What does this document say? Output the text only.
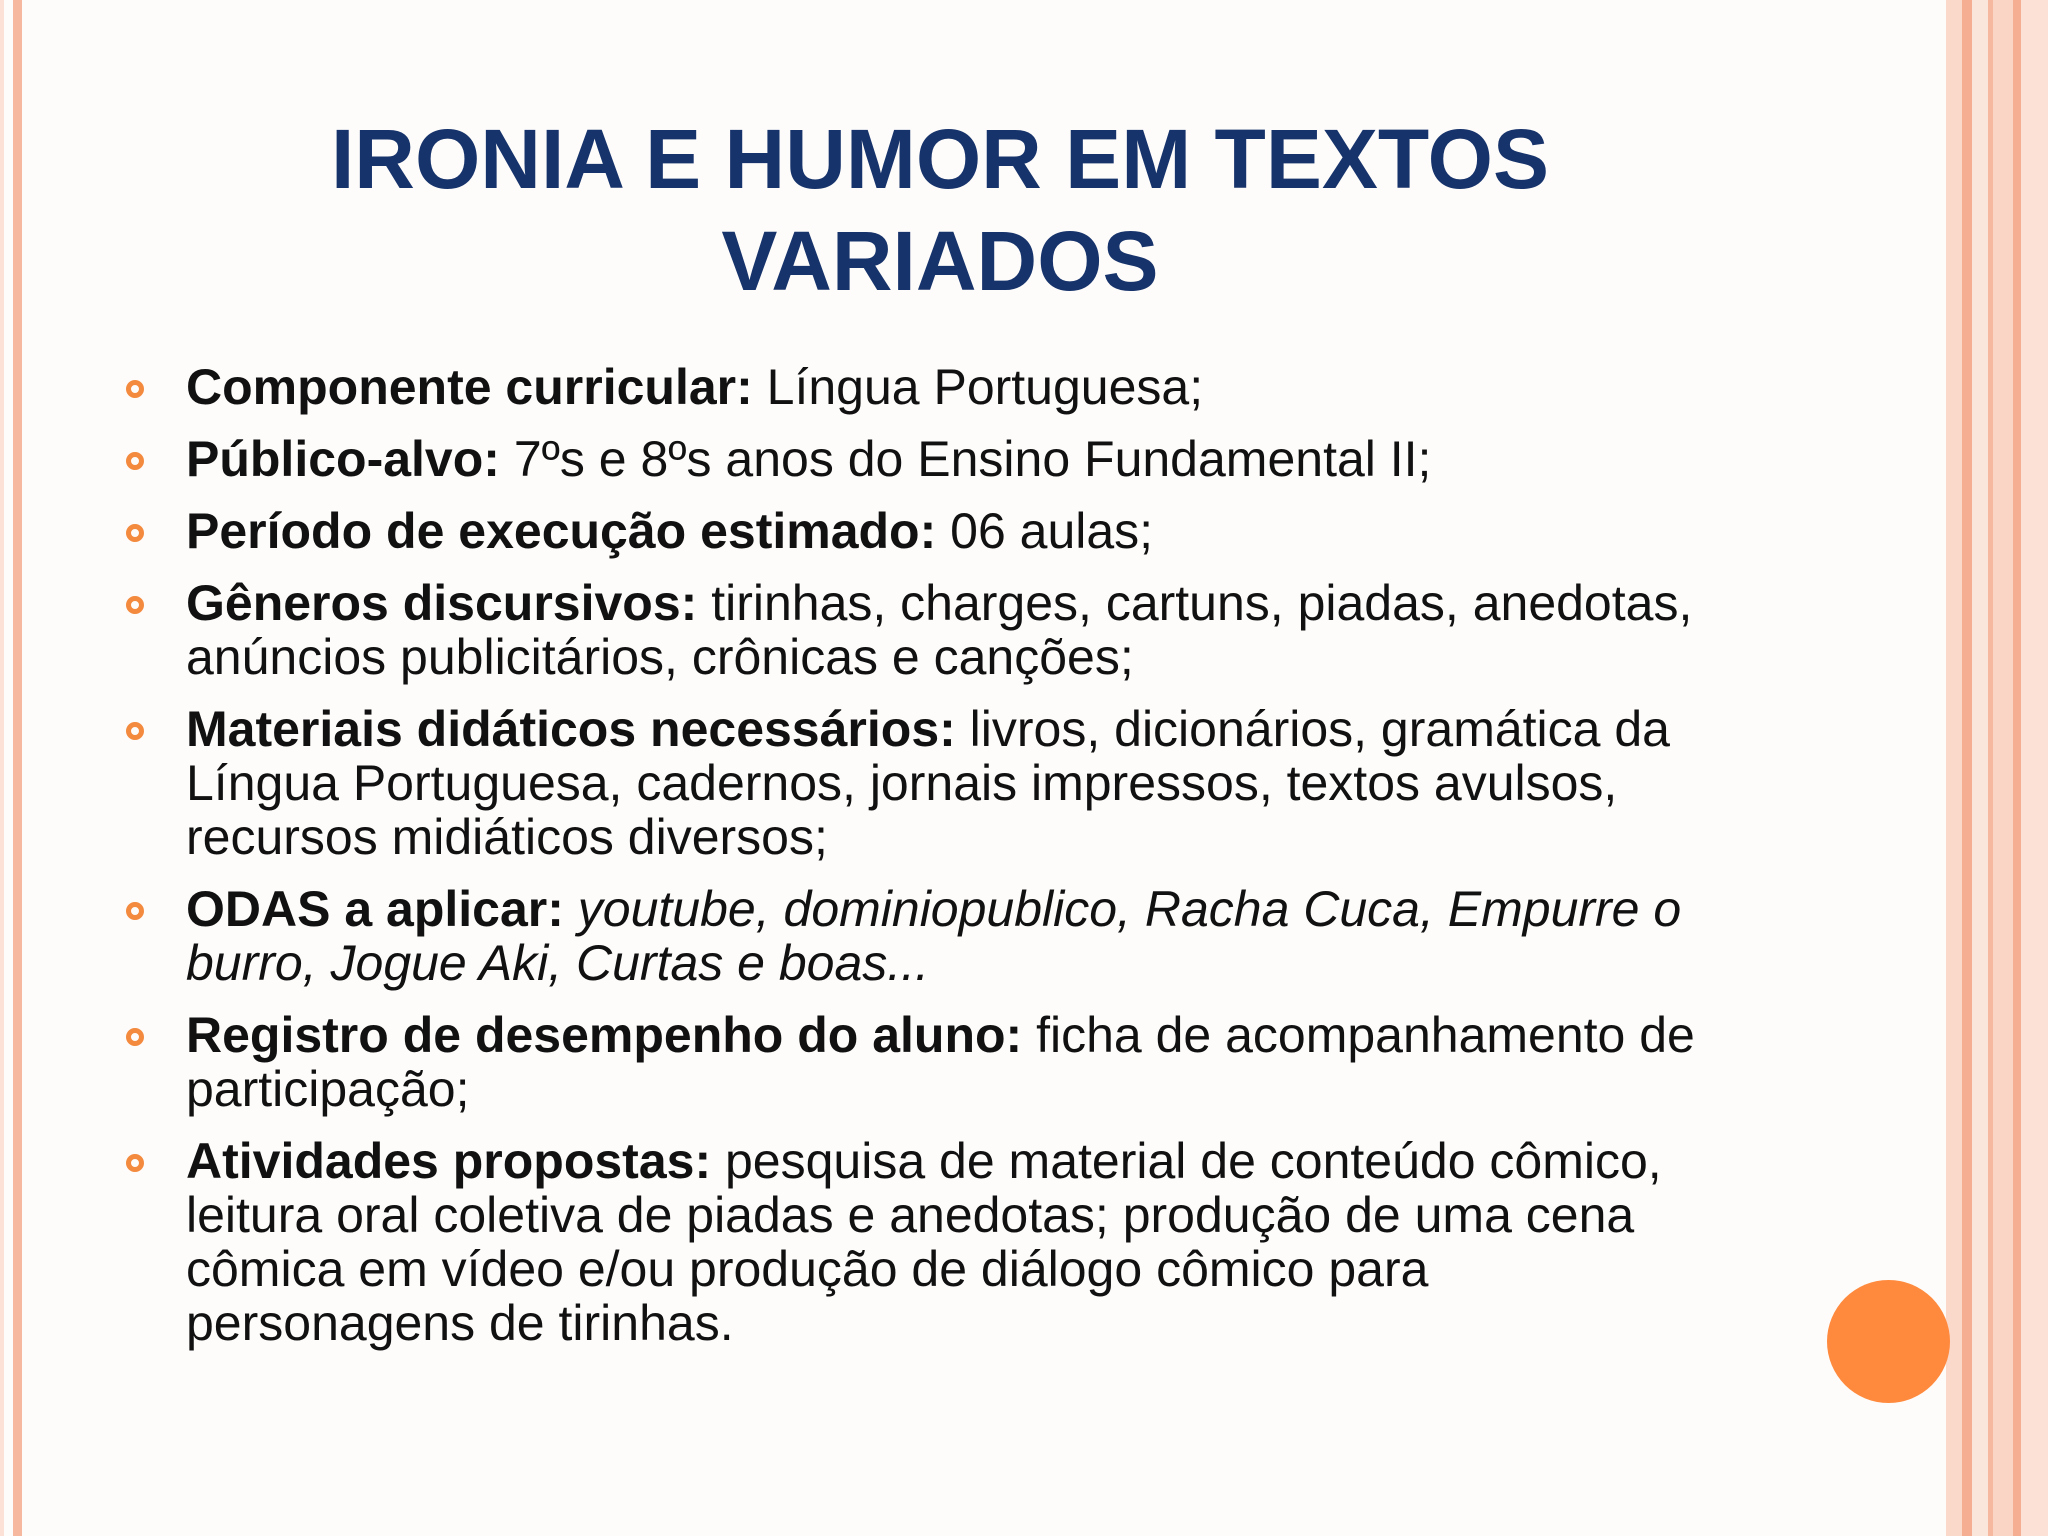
IRONIA E HUMOR EM TEXTOS
VARIADOS
Componente curricular: Língua Portuguesa;
Público-alvo: 7ºs e 8ºs anos do Ensino Fundamental II;
Período de execução estimado: 06 aulas;
Gêneros discursivos: tirinhas, charges, cartuns, piadas, anedotas, anúncios publicitários, crônicas e canções;
Materiais didáticos necessários: livros, dicionários, gramática da Língua Portuguesa, cadernos, jornais impressos, textos avulsos, recursos midiáticos diversos;
ODAS a aplicar: youtube, dominiopublico, Racha Cuca, Empurre o burro, Jogue Aki, Curtas e boas...
Registro de desempenho do aluno: ficha de acompanhamento de participação;
Atividades propostas: pesquisa de material de conteúdo cômico, leitura oral coletiva de piadas e anedotas; produção de uma cena cômica em vídeo e/ou produção de diálogo cômico para personagens de tirinhas.
